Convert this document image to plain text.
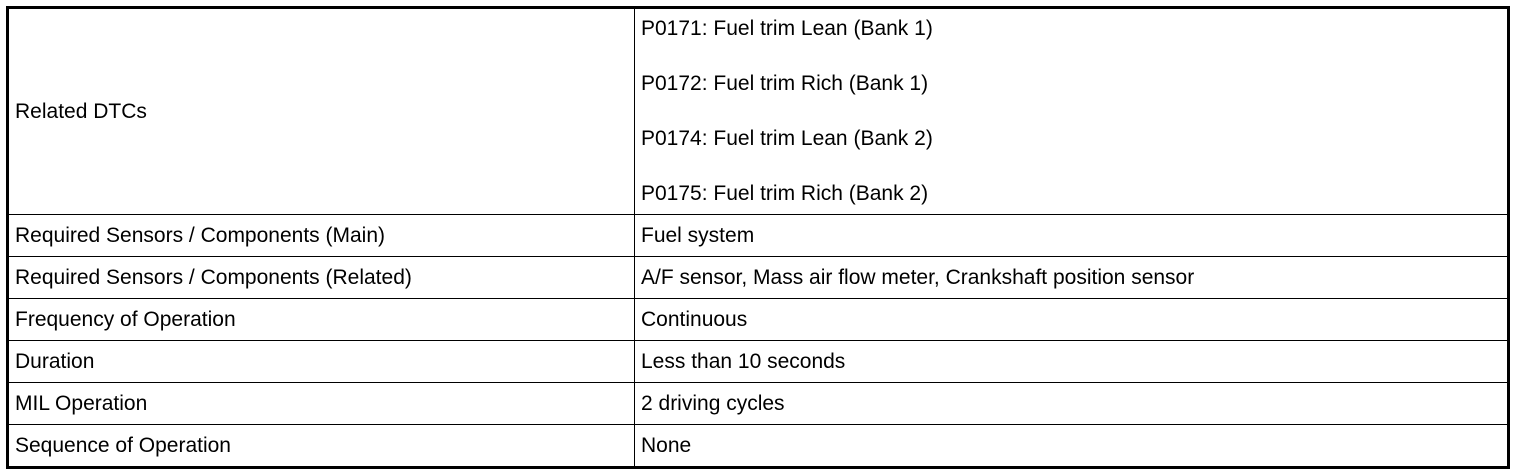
Related DTCs	P0171: Fuel trim Lean (Bank 1)
P0172: Fuel trim Rich (Bank 1)
P0174: Fuel trim Lean (Bank 2)
P0175: Fuel trim Rich (Bank 2)

Required Sensors / Components (Main)	Fuel system
Required Sensors / Components (Related)	A/F sensor, Mass air flow meter, Crankshaft position sensor
Frequency of Operation	Continuous
Duration	Less than 10 seconds
MIL Operation	2 driving cycles
Sequence of Operation	None
